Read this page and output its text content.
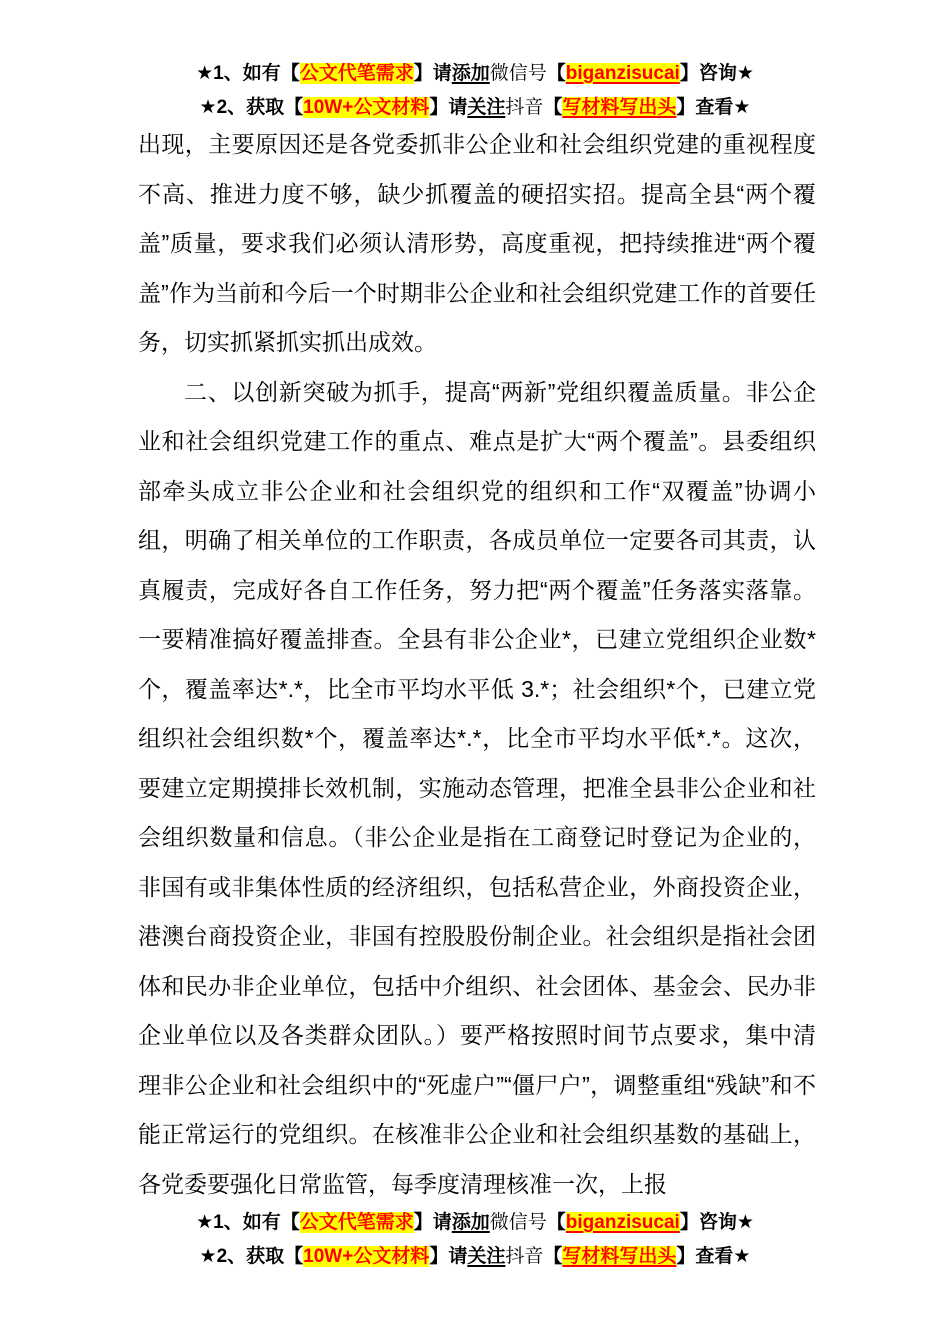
★1、如有【公文代笔需求】请添加微信号【biganzisucai】咨询★
★2、获取【10W+公文材料】请关注抖音【写材料写出头】查看★

出现，主要原因还是各党委抓非公企业和社会组织党建的重视程度不高、推进力度不够，缺少抓覆盖的硬招实招。提高全县“两个覆盖”质量，要求我们必须认清形势，高度重视，把持续推进“两个覆盖”作为当前和今后一个时期非公企业和社会组织党建工作的首要任务，切实抓紧抓实抓出成效。

二、以创新突破为抓手，提高“两新”党组织覆盖质量。非公企业和社会组织党建工作的重点、难点是扩大“两个覆盖”。县委组织部牵头成立非公企业和社会组织党的组织和工作“双覆盖”协调小组，明确了相关单位的工作职责，各成员单位一定要各司其责，认真履责，完成好各自工作任务，努力把“两个覆盖”任务落实落靠。一要精准搞好覆盖排查。全县有非公企业*，已建立党组织企业数*个，覆盖率达*.*，比全市平均水平低 3.*；社会组织*个，已建立党组织社会组织数*个，覆盖率达*.*，比全市平均水平低*.*。这次，要建立定期摸排长效机制，实施动态管理，把准全县非公企业和社会组织数量和信息。（非公企业是指在工商登记时登记为企业的，非国有或非集体性质的经济组织，包括私营企业，外商投资企业，港澳台商投资企业，非国有控股股份制企业。社会组织是指社会团体和民办非企业单位，包括中介组织、社会团体、基金会、民办非企业单位以及各类群众团队。）要严格按照时间节点要求，集中清理非公企业和社会组织中的“死虚户”“僵尸户”，调整重组“残缺”和不能正常运行的党组织。在核准非公企业和社会组织基数的基础上，各党委要强化日常监管，每季度清理核准一次，上报

★1、如有【公文代笔需求】请添加微信号【biganzisucai】咨询★
★2、获取【10W+公文材料】请关注抖音【写材料写出头】查看★
